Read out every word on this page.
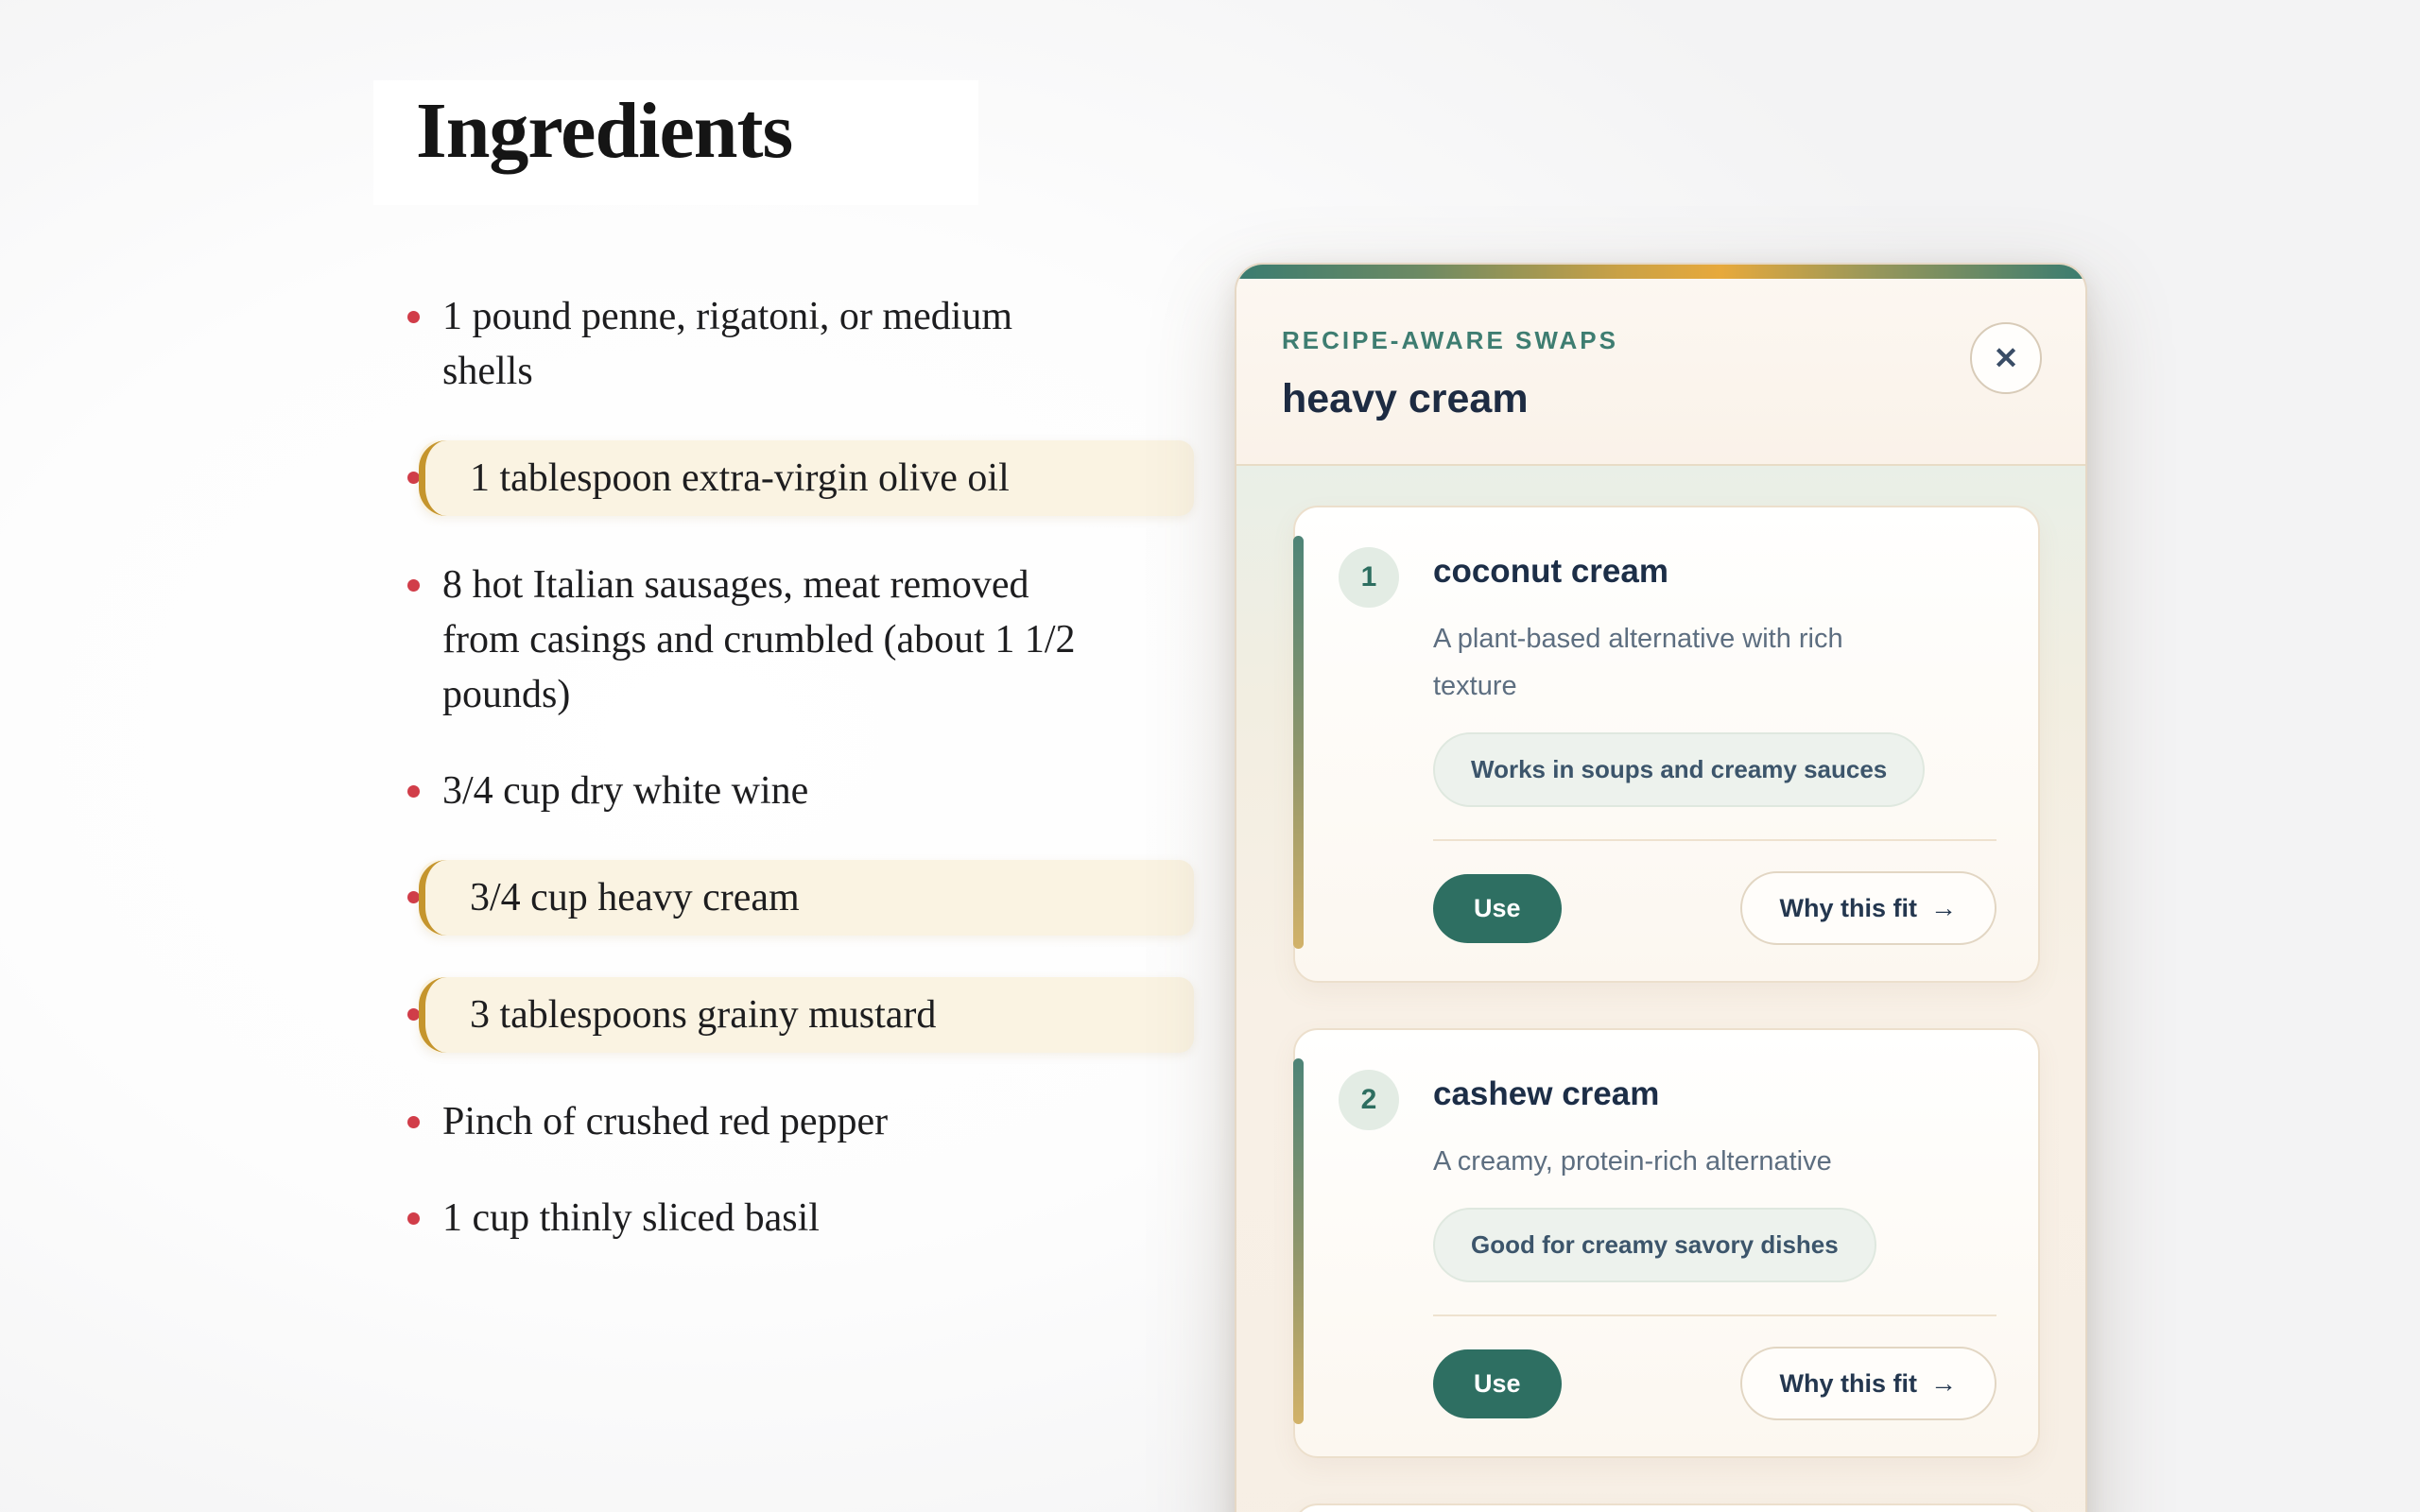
Ingredients
1 pound penne, rigatoni, or medium shells
1 tablespoon extra-virgin olive oil
8 hot Italian sausages, meat removed from casings and crumbled (about 1 1/2 pounds)
3/4 cup dry white wine
3/4 cup heavy cream
3 tablespoons grainy mustard
Pinch of crushed red pepper
1 cup thinly sliced basil
RECIPE-AWARE SWAPS
heavy cream
✕
1	coconut cream
A plant-based alternative with rich texture
Works in soups and creamy sauces
Use	Why this fit →
2	cashew cream
A creamy, protein-rich alternative
Good for creamy savory dishes
Use	Why this fit →
